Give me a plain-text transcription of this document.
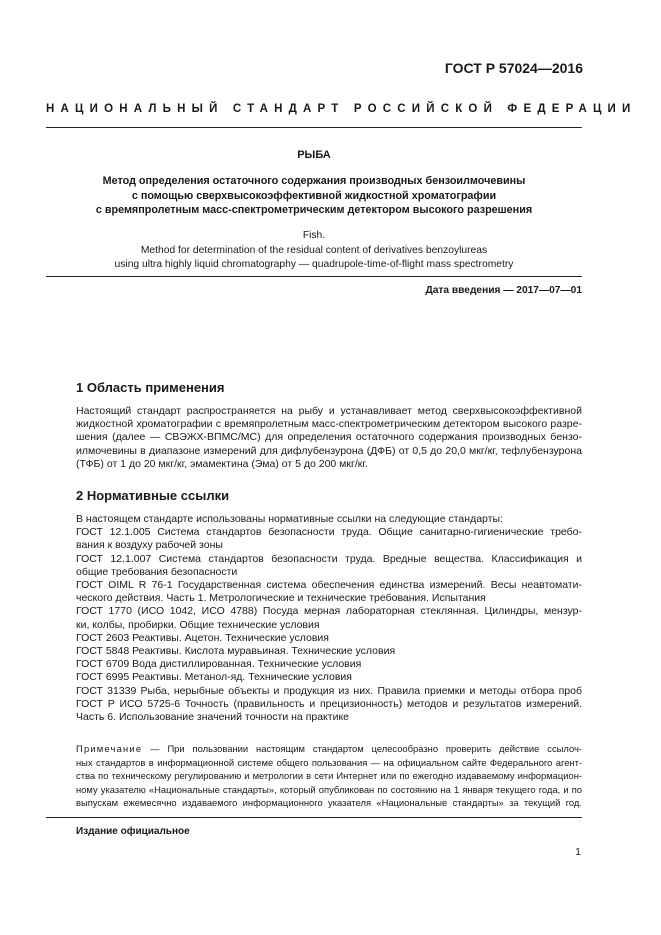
ГОСТ Р 57024—2016
НАЦИОНАЛЬНЫЙ СТАНДАРТ РОССИЙСКОЙ ФЕДЕРАЦИИ
РЫБА
Метод определения остаточного содержания производных бензоилмочевины
с помощью сверхвысокоэффективной жидкостной хроматографии
с времяпролетным масс-спектрометрическим детектором высокого разрешения
Fish.
Method for determination of the residual content of derivatives benzoylureas
using ultra highly liquid chromatography — quadrupole-time-of-flight mass spectrometry
Дата введения — 2017—07—01
1 Область применения
Настоящий стандарт распространяется на рыбу и устанавливает метод сверхвысокоэффективной
жидкостной хроматографии с времяпролетным масс-спектрометрическим детектором высокого разре-
шения (далее — СВЭЖХ-ВПМС/МС) для определения остаточного содержания производных бензо-
илмочевины в диапазоне измерений для дифлубензурона (ДФБ) от 0,5 до 20,0 мкг/кг, тефлубензурона
(ТФБ) от 1 до 20 мкг/кг, эмамектина (Эма) от 5 до 200 мкг/кг.
2 Нормативные ссылки
В настоящем стандарте использованы нормативные ссылки на следующие стандарты:
ГОСТ 12.1.005 Система стандартов безопасности труда. Общие санитарно-гигиенические требо-
вания к воздуху рабочей зоны
ГОСТ 12.1.007 Система стандартов безопасности труда. Вредные вещества. Классификация и
общие требования безопасности
ГОСТ OIML R 76-1 Государственная система обеспечения единства измерений. Весы неавтомати-
ческого действия. Часть 1. Метрологические и технические требования. Испытания
ГОСТ 1770 (ИСО 1042, ИСО 4788) Посуда мерная лабораторная стеклянная. Цилиндры, мензур-
ки, колбы, пробирки. Общие технические условия
ГОСТ 2603 Реактивы. Ацетон. Технические условия
ГОСТ 5848 Реактивы. Кислота муравьиная. Технические условия
ГОСТ 6709 Вода дистиллированная. Технические условия
ГОСТ 6995 Реактивы. Метанол-яд. Технические условия
ГОСТ 31339 Рыба, нерыбные объекты и продукция из них. Правила приемки и методы отбора проб
ГОСТ Р ИСО 5725-6 Точность (правильность и прецизионность) методов и результатов измерений.
Часть 6. Использование значений точности на практике
Примечание — При пользовании настоящим стандартом целесообразно проверить действие ссылоч-
ных стандартов в информационной системе общего пользования — на официальном сайте Федерального агент-
ства по техническому регулированию и метрологии в сети Интернет или по ежегодно издаваемому информацион-
ному указателю «Национальные стандарты», который опубликован по состоянию на 1 января текущего года, и по
выпускам ежемесячно издаваемого информационного указателя «Национальные стандарты» за текущий год.
Издание официальное
1
